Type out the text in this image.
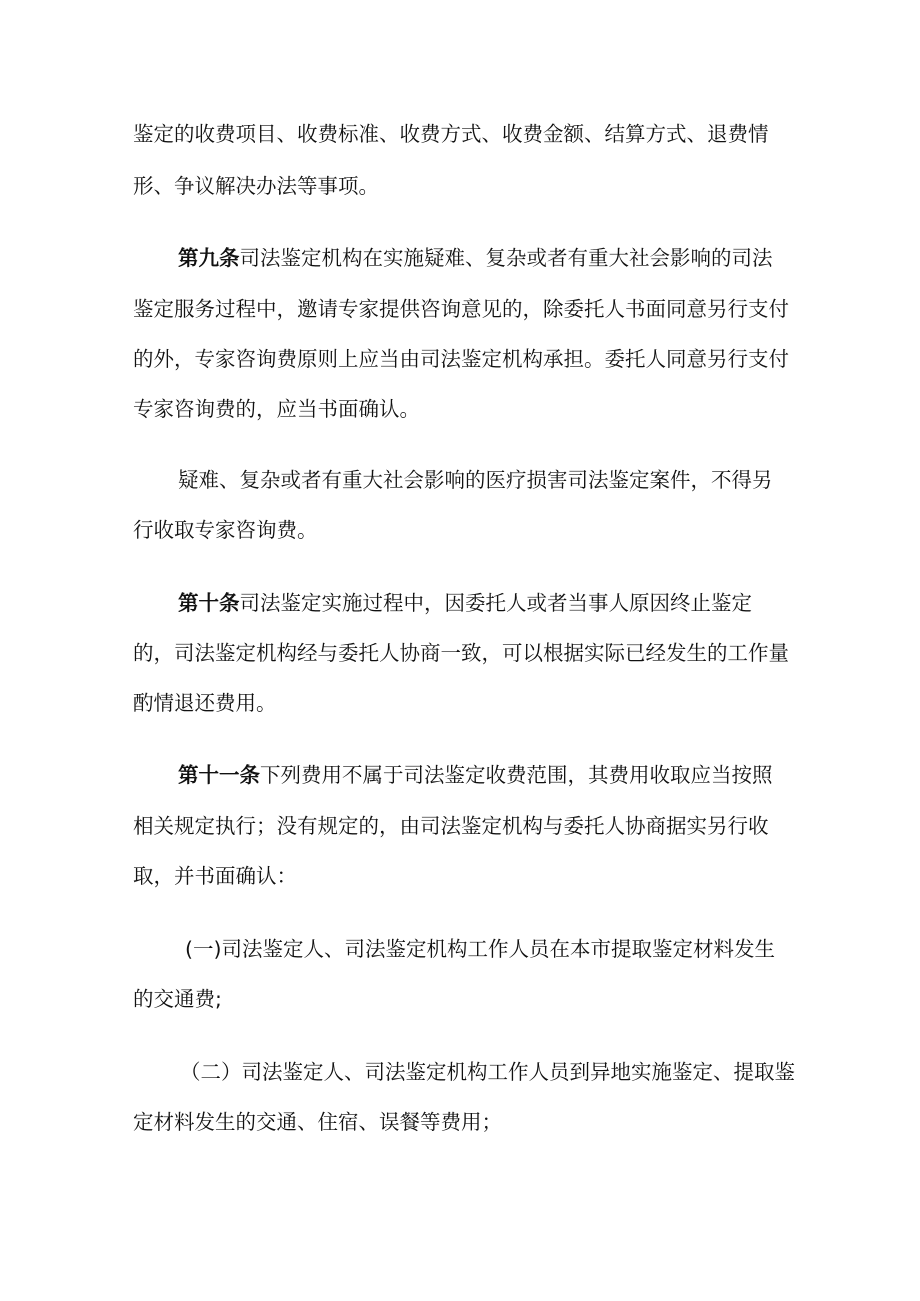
鉴定的收费项目、收费标准、收费方式、收费金额、结算方式、退费情
形、争议解决办法等事项。
第九条司法鉴定机构在实施疑难、复杂或者有重大社会影响的司法
鉴定服务过程中，邀请专家提供咨询意见的，除委托人书面同意另行支付
的外，专家咨询费原则上应当由司法鉴定机构承担。委托人同意另行支付
专家咨询费的，应当书面确认。
疑难、复杂或者有重大社会影响的医疗损害司法鉴定案件，不得另
行收取专家咨询费。
第十条司法鉴定实施过程中，因委托人或者当事人原因终止鉴定
的，司法鉴定机构经与委托人协商一致，可以根据实际已经发生的工作量
酌情退还费用。
第十一条下列费用不属于司法鉴定收费范围，其费用收取应当按照
相关规定执行；没有规定的，由司法鉴定机构与委托人协商据实另行收
取，并书面确认：
(一)司法鉴定人、司法鉴定机构工作人员在本市提取鉴定材料发生
的交通费;
（二）司法鉴定人、司法鉴定机构工作人员到异地实施鉴定、提取鉴
定材料发生的交通、住宿、误餐等费用；
